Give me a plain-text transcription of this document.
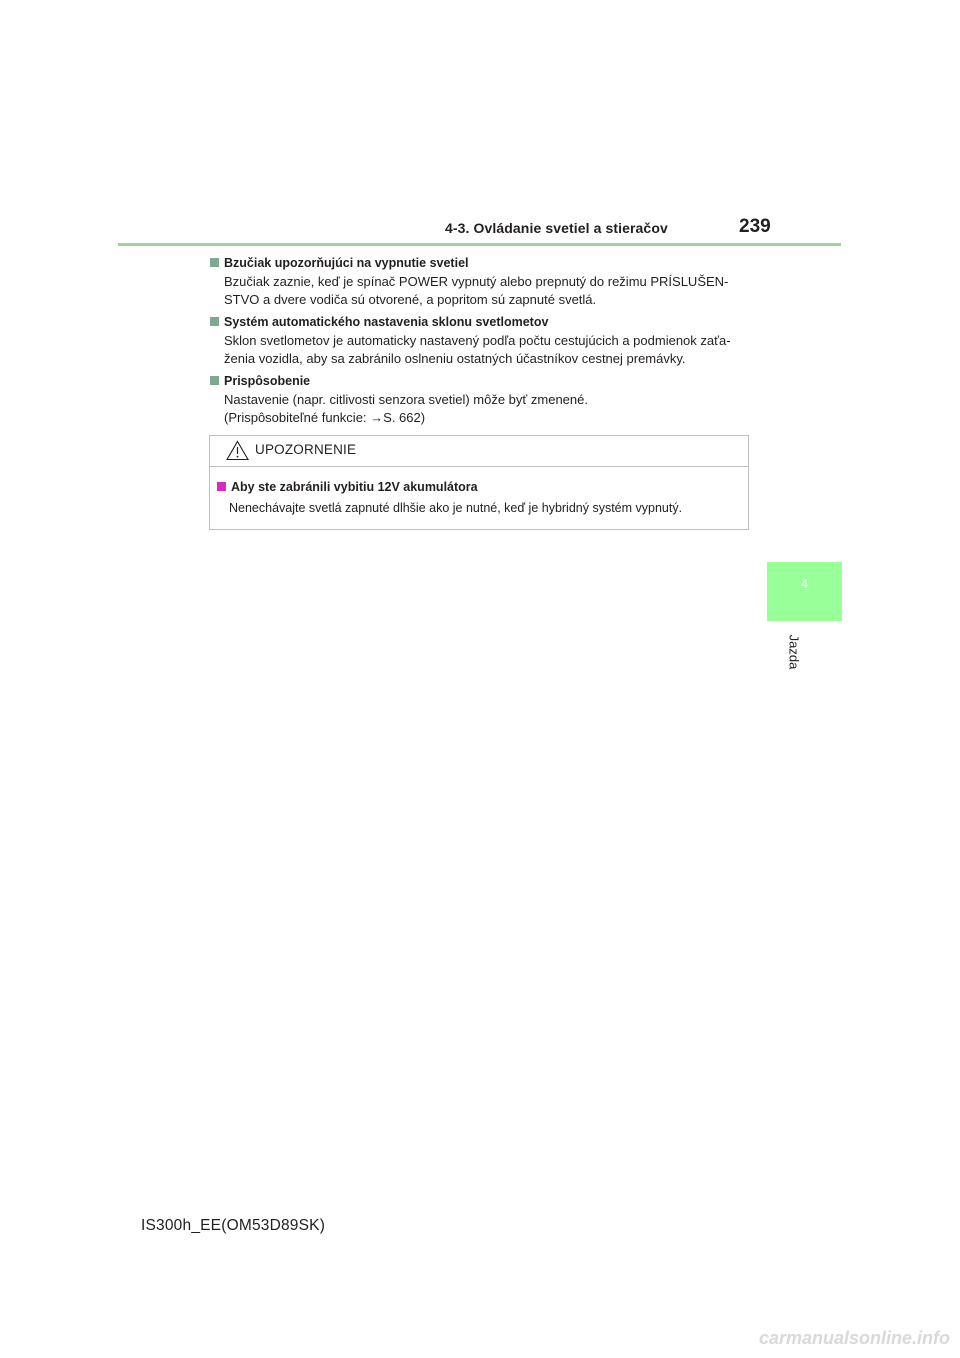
4-3. Ovládanie svetiel a stieračov	239
4
Jazda
Bzučiak upozorňujúci na vypnutie svetiel
Bzučiak zaznie, keď je spínač POWER vypnutý alebo prepnutý do režimu PRÍSLUŠEN-
STVO a dvere vodiča sú otvorené, a popritom sú zapnuté svetlá.
Systém automatického nastavenia sklonu svetlometov
Sklon svetlometov je automaticky nastavený podľa počtu cestujúcich a podmienok zaťa-
ženia vozidla, aby sa zabránilo oslneniu ostatných účastníkov cestnej premávky.
Prispôsobenie
Nastavenie (napr. citlivosti senzora svetiel) môže byť zmenené.
(Prispôsobiteľné funkcie: →S. 662)
UPOZORNENIE
Aby ste zabránili vybitiu 12V akumulátora
Nenechávajte svetlá zapnuté dlhšie ako je nutné, keď je hybridný systém vypnutý.
IS300h_EE(OM53D89SK)
carmanualsonline.info
